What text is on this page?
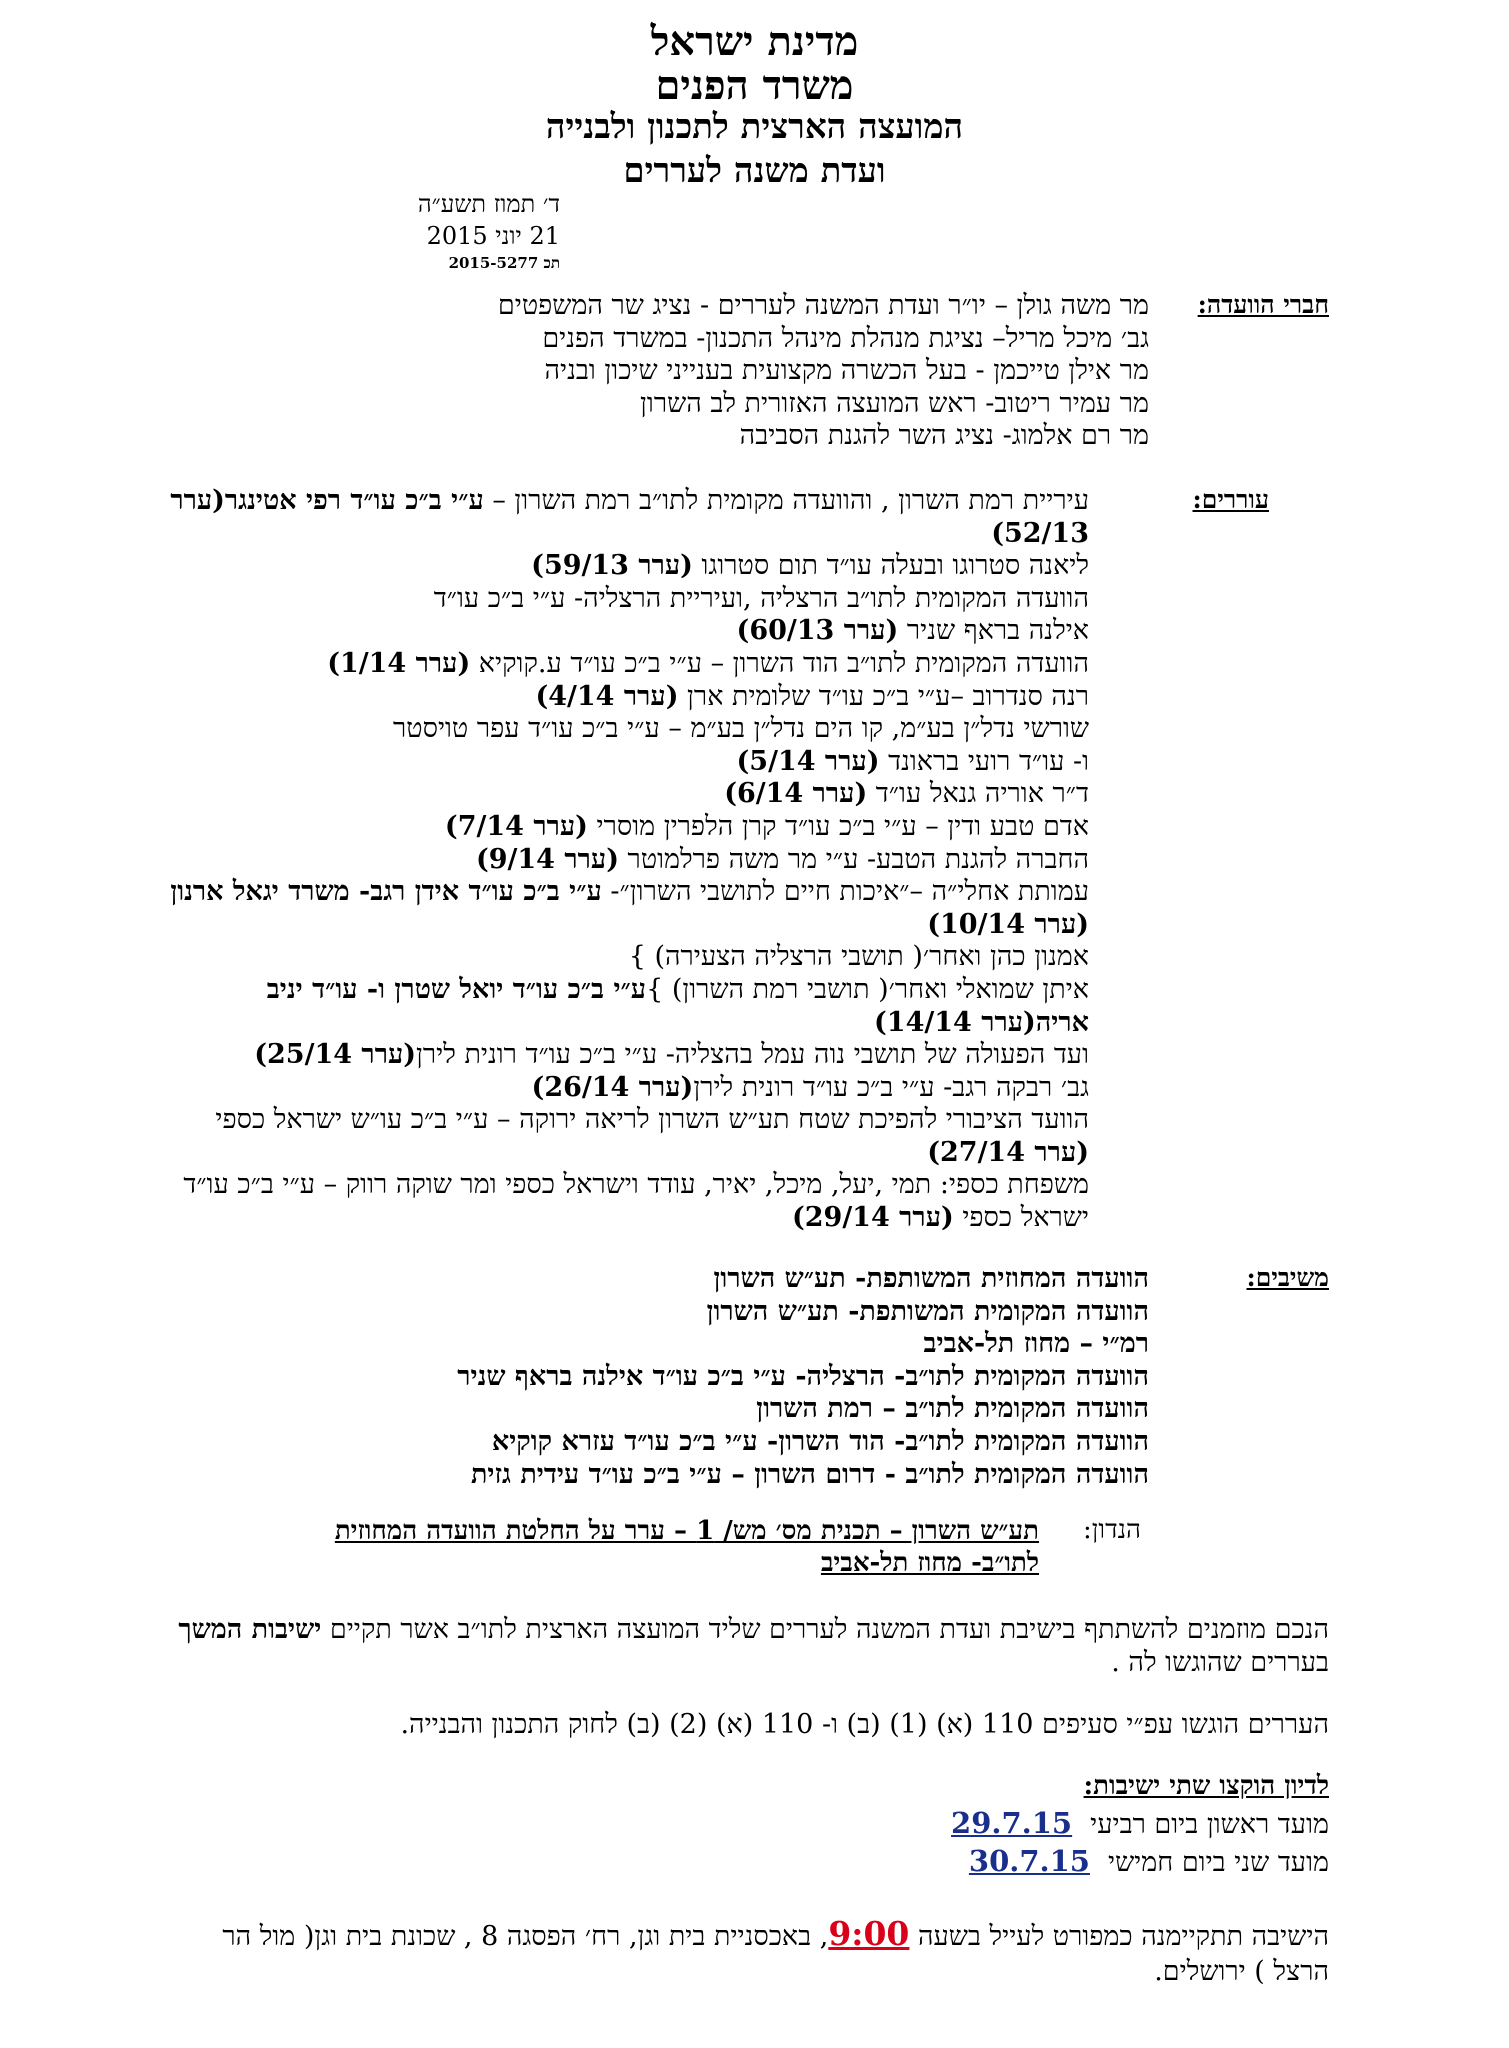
מדינת ישראל
משרד הפנים
המועצה הארצית לתכנון ולבנייה
ועדת משנה לעררים
ד׳ תמוז תשע״ה
21 יוני 2015
תכ 2015-5277
חברי הוועדה:
מר משה גולן – יו״ר ועדת המשנה לעררים - נציג שר המשפטים
גב׳ מיכל מריל– נציגת מנהלת מינהל התכנון- במשרד הפנים
מר אילן טייכמן - בעל הכשרה מקצועית בענייני שיכון ובניה
מר עמיר ריטוב- ראש המועצה האזורית לב השרון
מר רם אלמוג- נציג השר להגנת הסביבה
עוררים:
עיריית רמת השרון , והוועדה מקומית לתו״ב רמת השרון – ע״י ב״כ עו״ד רפי אטינגר(ערר 52/13)
ליאנה סטרוגו ובעלה עו״ד תום סטרוגו (ערר 59/13)
הוועדה המקומית לתו״ב הרצליה ,ועיריית הרצליה- ע״י ב״כ עו״ד
אילנה בראף שניר (ערר 60/13)
הוועדה המקומית לתו״ב הוד השרון – ע״י ב״כ עו״ד ע.קוקיא (ערר 1/14)
רנה סנדרוב –ע״י ב״כ עו״ד שלומית ארן (ערר 4/14)
שורשי נדל״ן בע״מ, קו הים נדל״ן בע״מ – ע״י ב״כ עו״ד עפר טויסטר
ו- עו״ד רועי בראונד (ערר 5/14)
ד״ר אוריה גנאל עו״ד (ערר 6/14)
אדם טבע ודין – ע״י ב״כ עו״ד קרן הלפרין מוסרי (ערר 7/14)
החברה להגנת הטבע- ע״י מר משה פרלמוטר (ערר 9/14)
עמותת אחלי״ה –״איכות חיים לתושבי השרון״- ע״י ב״כ עו״ד אידן רגב- משרד יגאל ארנון (ערר 10/14)
אמנון כהן ואחר׳( תושבי הרצליה הצעירה) }
איתן שמואלי ואחר׳( תושבי רמת השרון) }ע״י ב״כ עו״ד יואל שטרן ו- עו״ד יניב אריה(ערר 14/14)
ועד הפעולה של תושבי נוה עמל בהצליה- ע״י ב״כ עו״ד רונית לירן(ערר 25/14)
גב׳ רבקה רגב- ע״י ב״כ עו״ד רונית לירן(ערר 26/14)
הוועד הציבורי להפיכת שטח תע״ש השרון לריאה ירוקה – ע״י ב״כ עו״ש ישראל כספי (ערר 27/14)
משפחת כספי: תמי ,יעל, מיכל, יאיר, עודד וישראל כספי ומר שוקה רווק – ע״י ב״כ עו״ד ישראל כספי (ערר 29/14)
משיבים:
הוועדה המחוזית המשותפת- תע״ש השרון
הוועדה המקומית המשותפת- תע״ש השרון
רמ״י – מחוז תל-אביב
הוועדה המקומית לתו״ב- הרצליה- ע״י ב״כ עו״ד אילנה בראף שניר
הוועדה המקומית לתו״ב – רמת השרון
הוועדה המקומית לתו״ב- הוד השרון- ע״י ב״כ עו״ד עזרא קוקיא
הוועדה המקומית לתו״ב - דרום השרון – ע״י ב״כ עו״ד עידית גזית
הנדון:
תע״ש השרון – תכנית מס׳ מש/ 1 – ערר על החלטת הוועדה המחוזית לתו״ב- מחוז תל-אביב
הנכם מוזמנים להשתתף בישיבת ועדת המשנה לעררים שליד המועצה הארצית לתו״ב אשר תקיים ישיבות המשך בעררים שהוגשו לה .
העררים הוגשו עפ״י סעיפים 110 (א) (1) (ב) ו- 110 (א) (2) (ב) לחוק התכנון והבנייה.
לדיון הוקצו שתי ישיבות:
מועד ראשון ביום רביעי29.7.15
מועד שני ביום חמישי30.7.15
הישיבה תתקיימנה כמפורט לעייל בשעה 9:00, באכסניית בית וגן, רח׳ הפסגה 8 , שכונת בית וגן( מול הר הרצל ) ירושלים.
